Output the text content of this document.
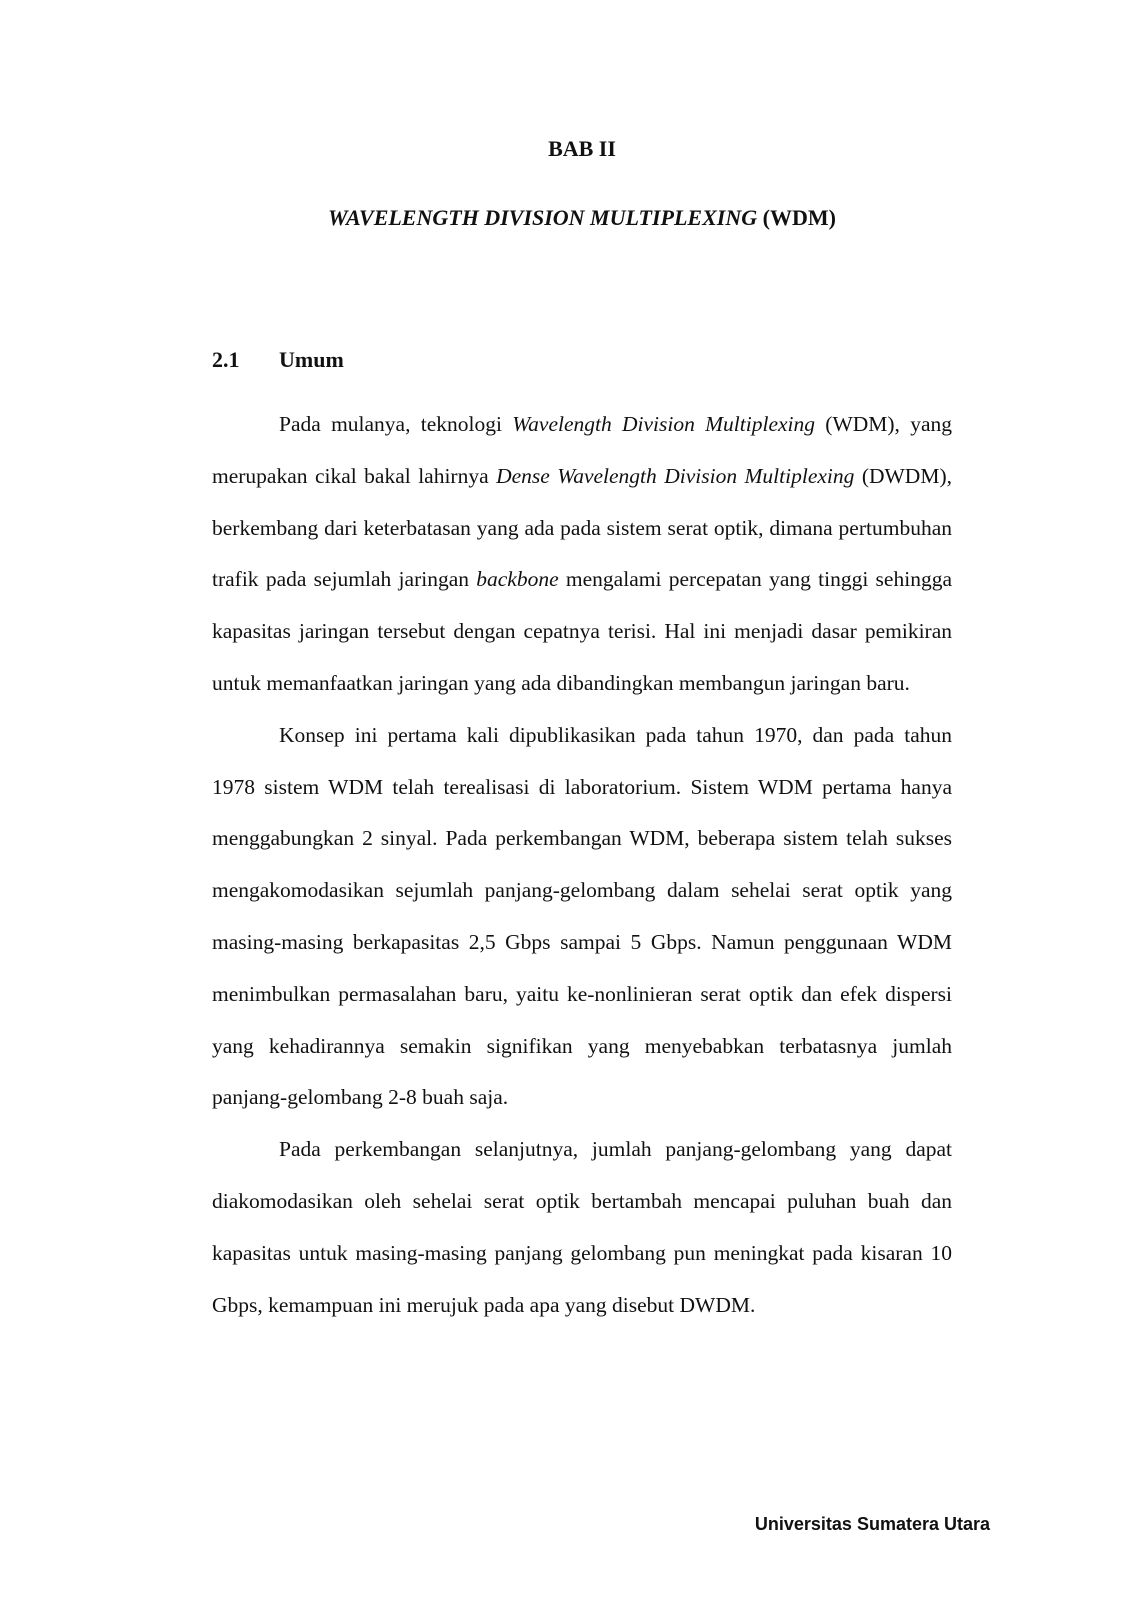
BAB II
WAVELENGTH DIVISION MULTIPLEXING (WDM)
2.1 Umum

Pada mulanya, teknologi Wavelength Division Multiplexing (WDM), yang merupakan cikal bakal lahirnya Dense Wavelength Division Multiplexing (DWDM), berkembang dari keterbatasan yang ada pada sistem serat optik, dimana pertumbuhan trafik pada sejumlah jaringan backbone mengalami percepatan yang tinggi sehingga kapasitas jaringan tersebut dengan cepatnya terisi. Hal ini menjadi dasar pemikiran untuk memanfaatkan jaringan yang ada dibandingkan membangun jaringan baru.

Konsep ini pertama kali dipublikasikan pada tahun 1970, dan pada tahun 1978 sistem WDM telah terealisasi di laboratorium. Sistem WDM pertama hanya menggabungkan 2 sinyal. Pada perkembangan WDM, beberapa sistem telah sukses mengakomodasikan sejumlah panjang-gelombang dalam sehelai serat optik yang masing-masing berkapasitas 2,5 Gbps sampai 5 Gbps. Namun penggunaan WDM menimbulkan permasalahan baru, yaitu ke-nonlinieran serat optik dan efek dispersi yang kehadirannya semakin signifikan yang menyebabkan terbatasnya jumlah panjang-gelombang 2-8 buah saja.

Pada perkembangan selanjutnya, jumlah panjang-gelombang yang dapat diakomodasikan oleh sehelai serat optik bertambah mencapai puluhan buah dan kapasitas untuk masing-masing panjang gelombang pun meningkat pada kisaran 10 Gbps, kemampuan ini merujuk pada apa yang disebut DWDM.

Universitas Sumatera Utara
